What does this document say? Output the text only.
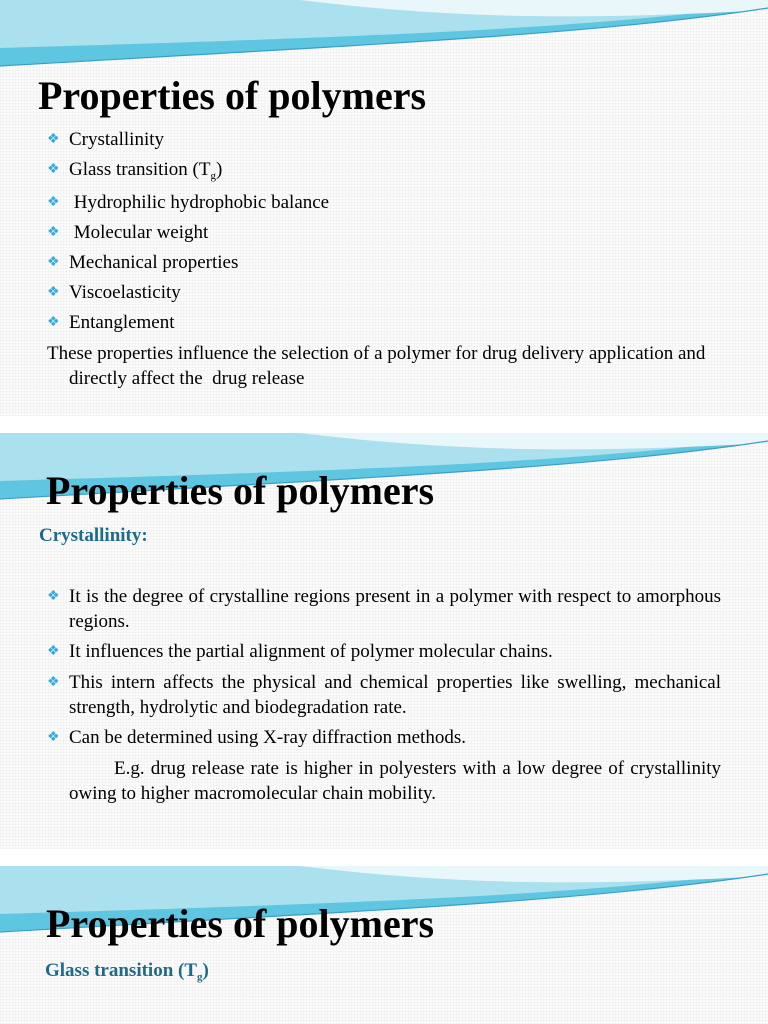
Properties of polymers
❖ Crystallinity
❖ Glass transition $(T_g)$
❖ Hydrophilic hydrophobic balance
❖ Molecular weight
❖ Mechanical properties
❖ Viscoelasticity
❖ Entanglement
These properties influence the selection of a polymer for drug delivery application and directly affect the  drug release
Properties of polymers
Crystallinity:
❖ It is the degree of crystalline regions present in a polymer with respect to amorphous regions.
❖ It influences the partial alignment of polymer molecular chains.
❖ This intern affects the physical and chemical properties like swelling, mechanical strength, hydrolytic and biodegradation rate.
❖ Can be determined using X-ray diffraction methods.
E.g. drug release rate is higher in polyesters with a low degree of crystallinity owing to higher macromolecular chain mobility.
Properties of polymers
Glass transition $(T_g)$
